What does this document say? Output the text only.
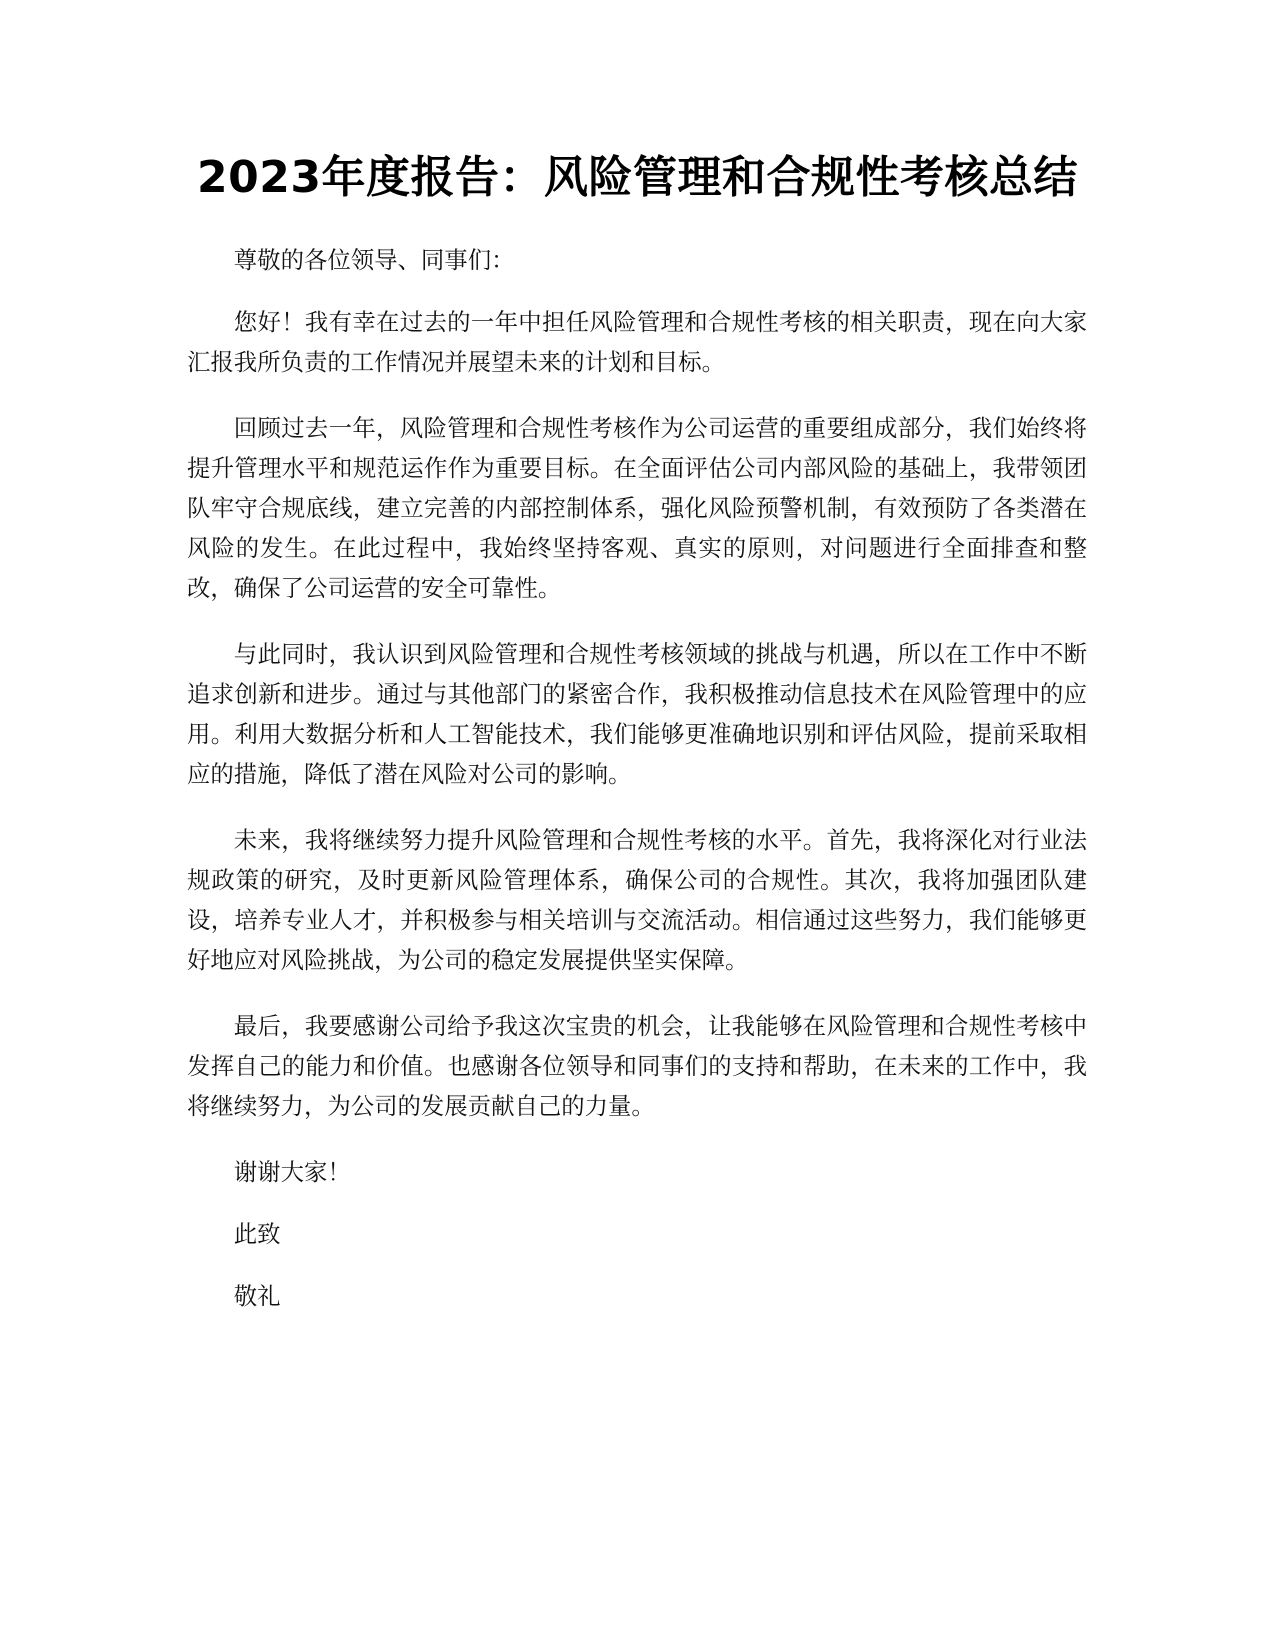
2023年度报告：风险管理和合规性考核总结

尊敬的各位领导、同事们：

您好！我有幸在过去的一年中担任风险管理和合规性考核的相关职责，现在向大家汇报我所负责的工作情况并展望未来的计划和目标。

回顾过去一年，风险管理和合规性考核作为公司运营的重要组成部分，我们始终将提升管理水平和规范运作作为重要目标。在全面评估公司内部风险的基础上，我带领团队牢守合规底线，建立完善的内部控制体系，强化风险预警机制，有效预防了各类潜在风险的发生。在此过程中，我始终坚持客观、真实的原则，对问题进行全面排查和整改，确保了公司运营的安全可靠性。

与此同时，我认识到风险管理和合规性考核领域的挑战与机遇，所以在工作中不断追求创新和进步。通过与其他部门的紧密合作，我积极推动信息技术在风险管理中的应用。利用大数据分析和人工智能技术，我们能够更准确地识别和评估风险，提前采取相应的措施，降低了潜在风险对公司的影响。

未来，我将继续努力提升风险管理和合规性考核的水平。首先，我将深化对行业法规政策的研究，及时更新风险管理体系，确保公司的合规性。其次，我将加强团队建设，培养专业人才，并积极参与相关培训与交流活动。相信通过这些努力，我们能够更好地应对风险挑战，为公司的稳定发展提供坚实保障。

最后，我要感谢公司给予我这次宝贵的机会，让我能够在风险管理和合规性考核中发挥自己的能力和价值。也感谢各位领导和同事们的支持和帮助，在未来的工作中，我将继续努力，为公司的发展贡献自己的力量。

谢谢大家！

此致

敬礼
